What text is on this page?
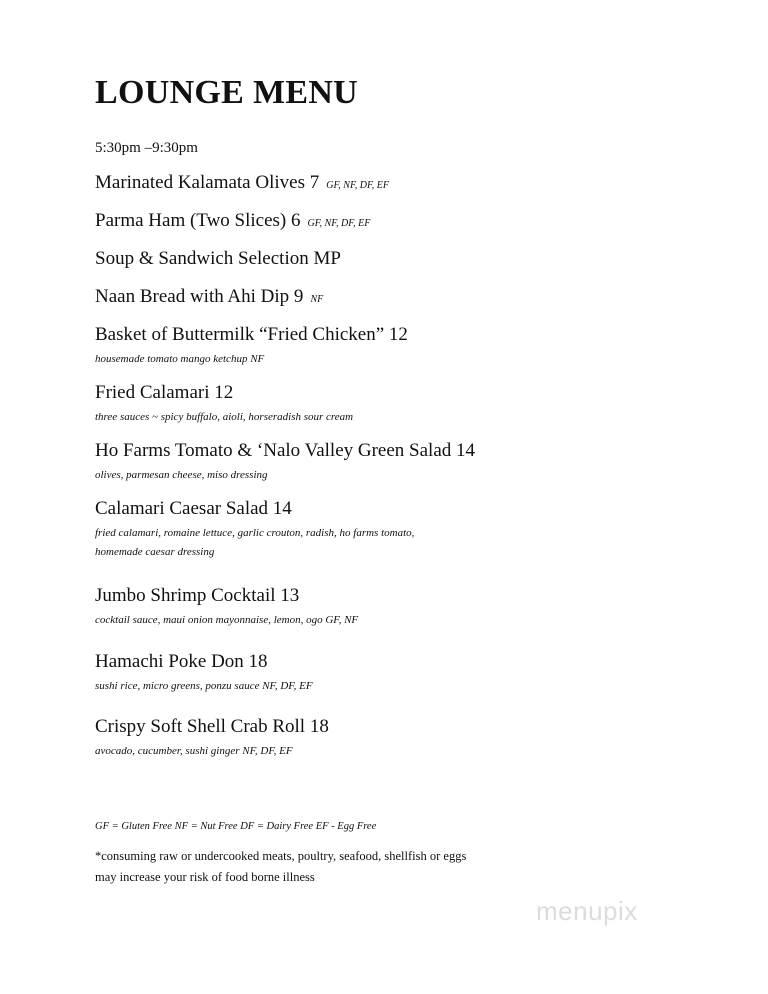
LOUNGE MENU
5:30pm –9:30pm
Marinated Kalamata Olives 7 GF, NF, DF, EF
Parma Ham (Two Slices) 6 GF, NF, DF, EF
Soup & Sandwich Selection MP
Naan Bread with Ahi Dip 9 NF
Basket of Buttermilk “Fried Chicken” 12
housemade tomato mango ketchup NF
Fried Calamari 12
three sauces ~ spicy buffalo, aioli, horseradish sour cream
Ho Farms Tomato & ‘Nalo Valley Green Salad 14
olives, parmesan cheese, miso dressing
Calamari Caesar Salad 14
fried calamari, romaine lettuce, garlic crouton, radish, ho farms tomato,
homemade caesar dressing
Jumbo Shrimp Cocktail 13
cocktail sauce, maui onion mayonnaise, lemon, ogo GF, NF
Hamachi Poke Don 18
sushi rice, micro greens, ponzu sauce NF, DF, EF
Crispy Soft Shell Crab Roll 18
avocado, cucumber, sushi ginger NF, DF, EF
GF = Gluten Free NF = Nut Free DF = Dairy Free EF - Egg Free
*consuming raw or undercooked meats, poultry, seafood, shellfish or eggs
may increase your risk of food borne illness
menupix
